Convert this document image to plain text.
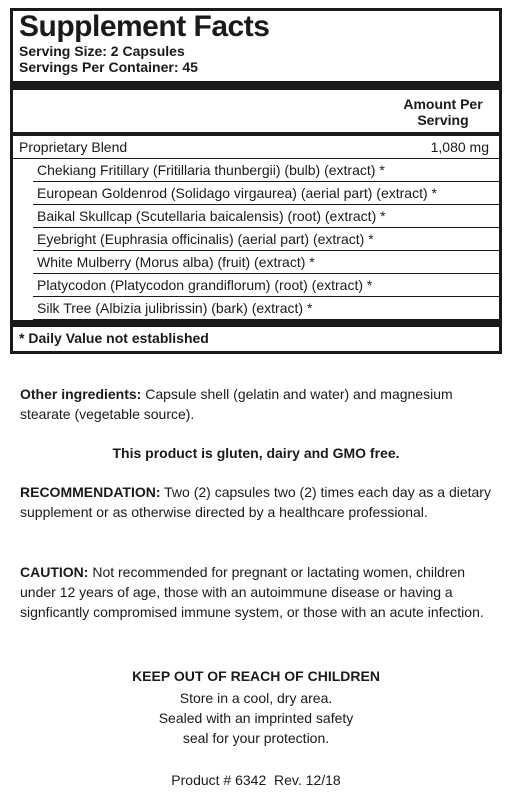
Supplement Facts
Serving Size: 2 Capsules
Servings Per Container: 45
Amount Per
Serving
Proprietary Blend	1,080 mg
Chekiang Fritillary (Fritillaria thunbergii) (bulb) (extract) *
European Goldenrod (Solidago virgaurea) (aerial part) (extract) *
Baikal Skullcap (Scutellaria baicalensis) (root) (extract) *
Eyebright (Euphrasia officinalis) (aerial part) (extract) *
White Mulberry (Morus alba) (fruit) (extract) *
Platycodon (Platycodon grandiflorum) (root) (extract) *
Silk Tree (Albizia julibrissin) (bark) (extract) *
* Daily Value not established
Other ingredients: Capsule shell (gelatin and water) and magnesium stearate (vegetable source).
This product is gluten, dairy and GMO free.
RECOMMENDATION: Two (2) capsules two (2) times each day as a dietary supplement or as otherwise directed by a healthcare professional.
CAUTION: Not recommended for pregnant or lactating women, children under 12 years of age, those with an autoimmune disease or having a signficantly compromised immune system, or those with an acute infection.
KEEP OUT OF REACH OF CHILDREN
Store in a cool, dry area.
Sealed with an imprinted safety
seal for your protection.
Product # 6342  Rev. 12/18
